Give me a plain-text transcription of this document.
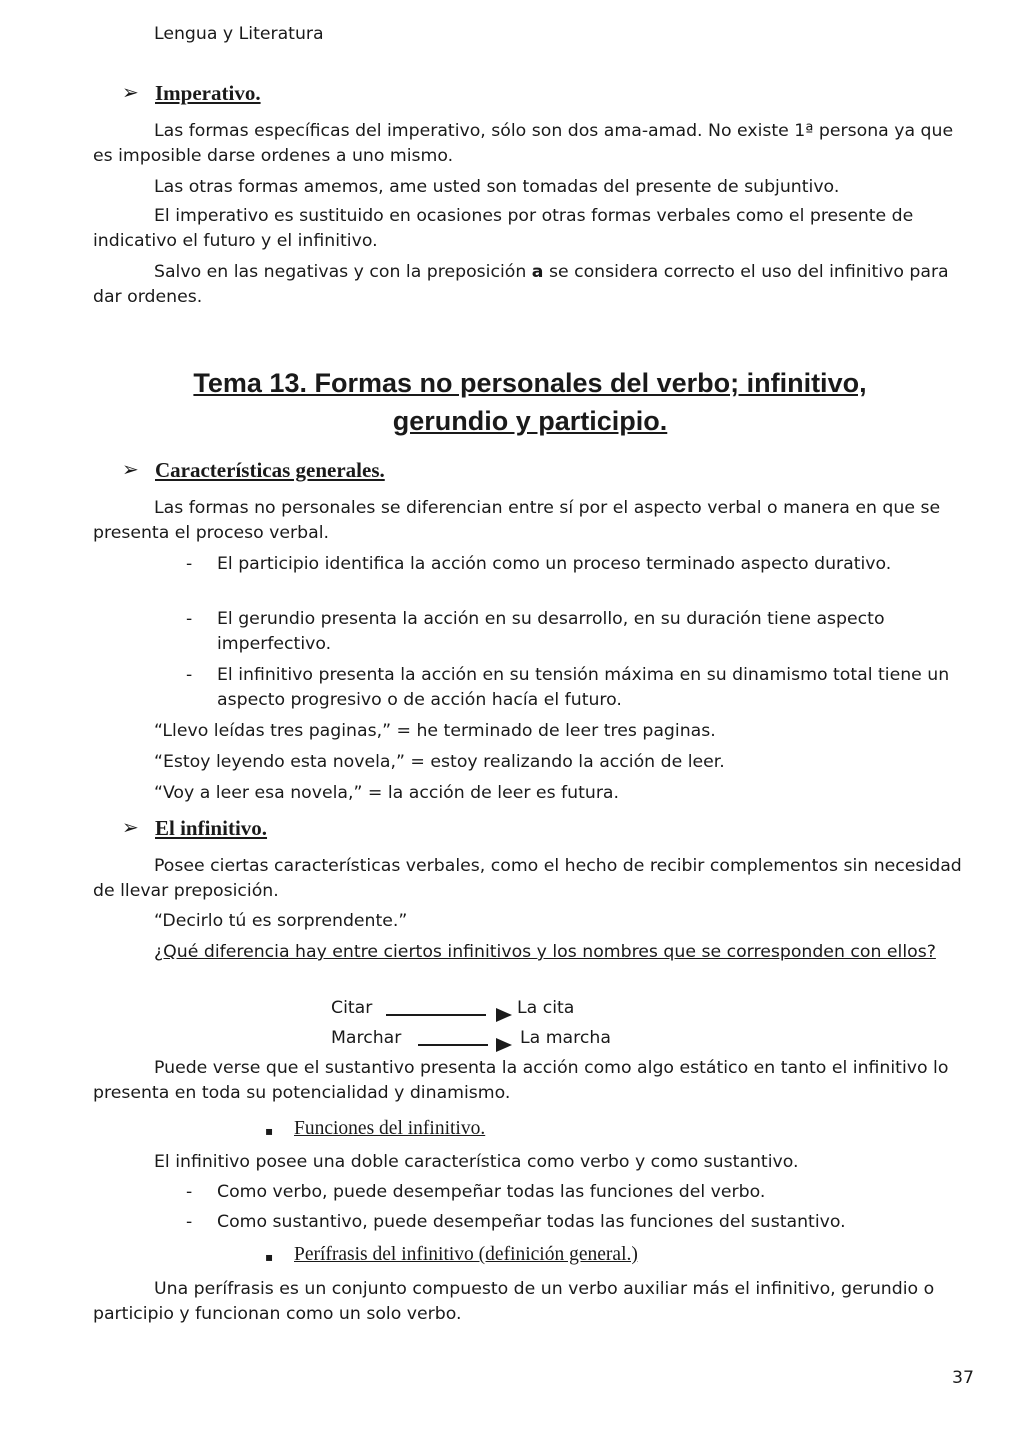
Lengua y Literatura
➢ Imperativo.
Las formas específicas del imperativo, sólo son dos ama-amad. No existe 1ª persona ya que es imposible darse ordenes a uno mismo.
Las otras formas amemos, ame usted son tomadas del presente de subjuntivo.
El imperativo es sustituido en ocasiones por otras formas verbales como el presente de indicativo el futuro y el infinitivo.
Salvo en las negativas y con la preposición a se considera correcto el uso del infinitivo para dar ordenes.
Tema 13. Formas no personales del verbo; infinitivo,
gerundio y participio.
➢ Características generales.
Las formas no personales se diferencian entre sí por el aspecto verbal o manera en que se presenta el proceso verbal.
- El participio identifica la acción como un proceso terminado aspecto durativo.
- El gerundio presenta la acción en su desarrollo, en su duración tiene aspecto imperfectivo.
- El infinitivo presenta la acción en su tensión máxima en su dinamismo total tiene un aspecto progresivo o de acción hacía el futuro.
“Llevo leídas tres paginas,” = he terminado de leer tres paginas.
“Estoy leyendo esta novela,” = estoy realizando la acción de leer.
“Voy a leer esa novela,” = la acción de leer es futura.
➢ El infinitivo.
Posee ciertas características verbales, como el hecho de recibir complementos sin necesidad de llevar preposición.
“Decirlo tú es sorprendente.”
¿Qué diferencia hay entre ciertos infinitivos y los nombres que se corresponden con ellos?
Citar	La cita
Marchar	La marcha
Puede verse que el sustantivo presenta la acción como algo estático en tanto el infinitivo lo presenta en toda su potencialidad y dinamismo.
▪ Funciones del infinitivo.
El infinitivo posee una doble característica como verbo y como sustantivo.
- Como verbo, puede desempeñar todas las funciones del verbo.
- Como sustantivo, puede desempeñar todas las funciones del sustantivo.
▪ Perífrasis del infinitivo (definición general.)
Una perífrasis es un conjunto compuesto de un verbo auxiliar más el infinitivo, gerundio o participio y funcionan como un solo verbo.
37
